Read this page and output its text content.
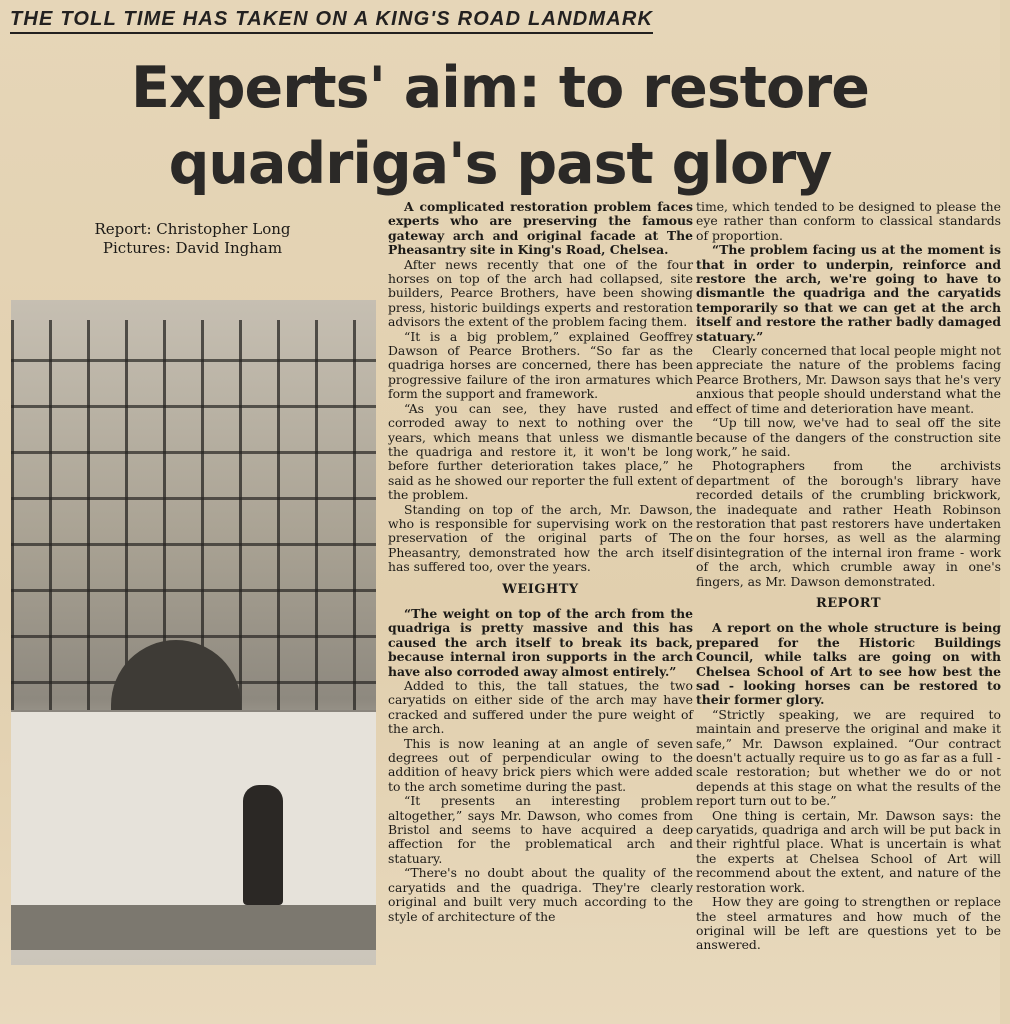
THE TOLL TIME HAS TAKEN ON A KING'S ROAD LANDMARK
Experts' aim: to restore
quadriga's past glory
Report: Christopher Long
Pictures: David Ingham

A complicated restoration problem faces experts who are preserving the famous gateway arch and original facade at The Pheasantry site in King's Road, Chelsea.

After news recently that one of the four horses on top of the arch had collapsed, site builders, Pearce Brothers, have been showing press, historic buildings experts and restoration advisors the extent of the problem facing them.

“It is a big problem,” explained Geoffrey Dawson of Pearce Brothers. “So far as the quadriga horses are concerned, there has been progressive failure of the iron armatures which form the support and framework.

“As you can see, they have rusted and corroded away to next to nothing over the years, which means that unless we dismantle the quadriga and restore it, it won't be long before further deterioration takes place,” he said as he showed our reporter the full extent of the problem.

Standing on top of the arch, Mr. Dawson, who is responsible for supervising work on the preservation of the original parts of The Pheasantry, demonstrated how the arch itself has suffered too, over the years.

WEIGHTY

“The weight on top of the arch from the quadriga is pretty massive and this has caused the arch itself to break its back, because internal iron supports in the arch have also corroded away almost entirely.”

Added to this, the tall statues, the two caryatids on either side of the arch may have cracked and suffered under the pure weight of the arch.

This is now leaning at an angle of seven degrees out of perpendicular owing to the addition of heavy brick piers which were added to the arch sometime during the past.

“It presents an interesting problem altogether,” says Mr. Dawson, who comes from Bristol and seems to have acquired a deep affection for the problematical arch and statuary.

“There's no doubt about the quality of the caryatids and the quadriga. They're clearly original and built very much according to the style of architecture of the

time, which tended to be designed to please the eye rather than conform to classical standards of proportion.

“The problem facing us at the moment is that in order to underpin, reinforce and restore the arch, we're going to have to dismantle the quadriga and the caryatids temporarily so that we can get at the arch itself and restore the rather badly damaged statuary.”

Clearly concerned that local people might not appreciate the nature of the problems facing Pearce Brothers, Mr. Dawson says that he's very anxious that people should understand what the effect of time and deterioration have meant.

“Up till now, we've had to seal off the site because of the dangers of the construction site work,” he said.

Photographers from the archivists department of the borough's library have recorded details of the crumbling brickwork, the inadequate and rather Heath Robinson restoration that past restorers have undertaken on the four horses, as well as the alarming disintegration of the internal iron frame - work of the arch, which crumble away in one's fingers, as Mr. Dawson demonstrated.

REPORT

A report on the whole structure is being prepared for the Historic Buildings Council, while talks are going on with Chelsea School of Art to see how best the sad - looking horses can be restored to their former glory.

“Strictly speaking, we are required to maintain and preserve the original and make it safe,” Mr. Dawson explained. “Our contract doesn't actually require us to go as far as a full - scale restoration; but whether we do or not depends at this stage on what the results of the report turn out to be.”

One thing is certain, Mr. Dawson says: the caryatids, quadriga and arch will be put back in their rightful place. What is uncertain is what the experts at Chelsea School of Art will recommend about the extent, and nature of the restoration work.

How they are going to strengthen or replace the steel armatures and how much of the original will be left are questions yet to be answered.
